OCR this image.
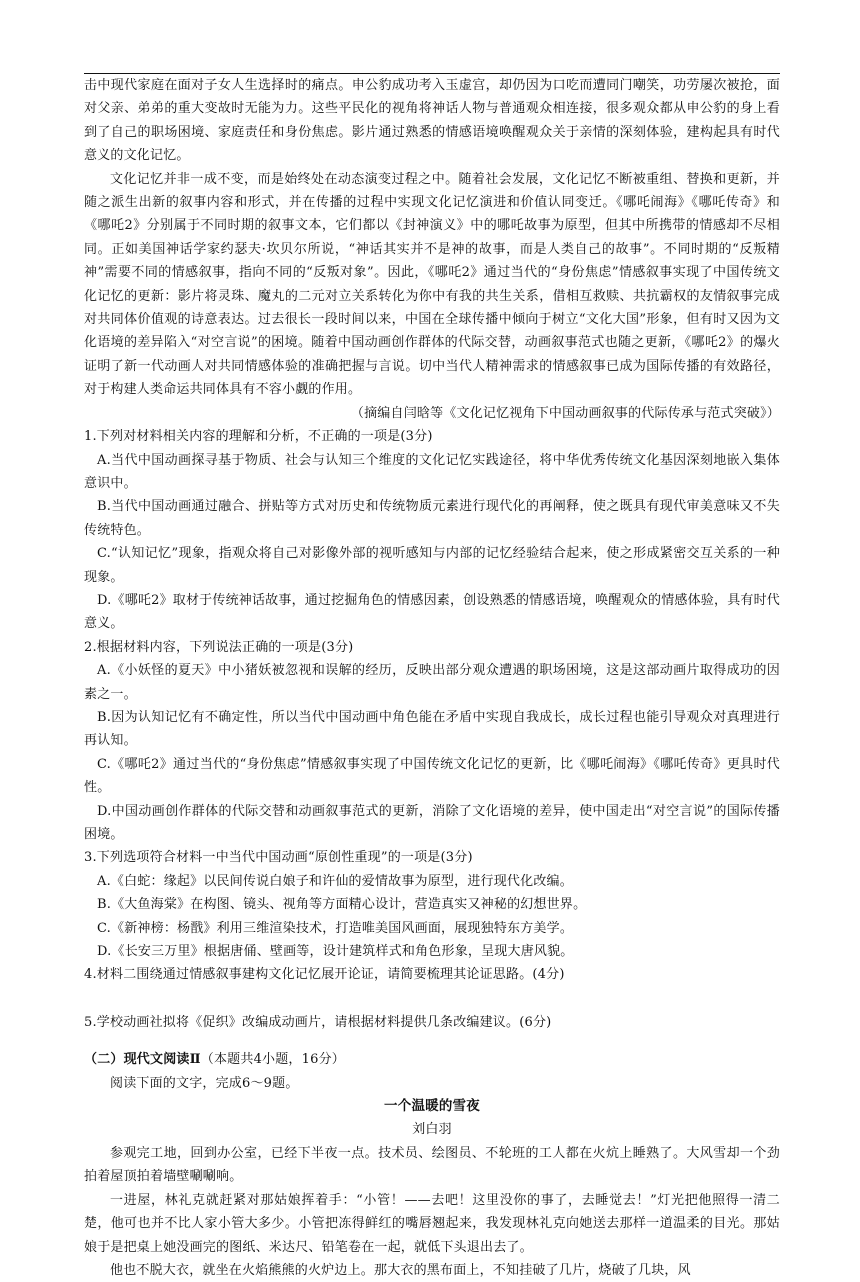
击中现代家庭在面对子女人生选择时的痛点。申公豹成功考入玉虚宫，却仍因为口吃而遭同门嘲笑，功劳屡次被抢，面对父亲、弟弟的重大变故时无能为力。这些平民化的视角将神话人物与普通观众相连接，很多观众都从申公豹的身上看到了自己的职场困境、家庭责任和身份焦虑。影片通过熟悉的情感语境唤醒观众关于亲情的深刻体验，建构起具有时代意义的文化记忆。

文化记忆并非一成不变，而是始终处在动态演变过程之中。随着社会发展，文化记忆不断被重组、替换和更新，并随之派生出新的叙事内容和形式，并在传播的过程中实现文化记忆演进和价值认同变迁。《哪吒闹海》《哪吒传奇》和《哪吒2》分别属于不同时期的叙事文本，它们都以《封神演义》中的哪吒故事为原型，但其中所携带的情感却不尽相同。正如美国神话学家约瑟夫·坎贝尔所说，“神话其实并不是神的故事，而是人类自己的故事”。不同时期的“反叛精神”需要不同的情感叙事，指向不同的“反叛对象”。因此，《哪吒2》通过当代的“身份焦虑”情感叙事实现了中国传统文化记忆的更新：影片将灵珠、魔丸的二元对立关系转化为你中有我的共生关系，借相互救赎、共抗霸权的友情叙事完成对共同体价值观的诗意表达。过去很长一段时间以来，中国在全球传播中倾向于树立“文化大国”形象，但有时又因为文化语境的差异陷入“对空言说”的困境。随着中国动画创作群体的代际交替，动画叙事范式也随之更新，《哪吒2》的爆火证明了新一代动画人对共同情感体验的准确把握与言说。切中当代人精神需求的情感叙事已成为国际传播的有效路径，对于构建人类命运共同体具有不容小觑的作用。

（摘编自闫晗等《文化记忆视角下中国动画叙事的代际传承与范式突破》）

1.下列对材料相关内容的理解和分析，不正确的一项是(3分)

A.当代中国动画探寻基于物质、社会与认知三个维度的文化记忆实践途径，将中华优秀传统文化基因深刻地嵌入集体意识中。

B.当代中国动画通过融合、拼贴等方式对历史和传统物质元素进行现代化的再阐释，使之既具有现代审美意味又不失传统特色。

C.“认知记忆”现象，指观众将自己对影像外部的视听感知与内部的记忆经验结合起来，使之形成紧密交互关系的一种现象。

D.《哪吒2》取材于传统神话故事，通过挖掘角色的情感因素，创设熟悉的情感语境，唤醒观众的情感体验，具有时代意义。

2.根据材料内容，下列说法正确的一项是(3分)

A.《小妖怪的夏天》中小猪妖被忽视和误解的经历，反映出部分观众遭遇的职场困境，这是这部动画片取得成功的因素之一。

B.因为认知记忆有不确定性，所以当代中国动画中角色能在矛盾中实现自我成长，成长过程也能引导观众对真理进行再认知。

C.《哪吒2》通过当代的“身份焦虑”情感叙事实现了中国传统文化记忆的更新，比《哪吒闹海》《哪吒传奇》更具时代性。

D.中国动画创作群体的代际交替和动画叙事范式的更新，消除了文化语境的差异，使中国走出“对空言说”的国际传播困境。

3.下列选项符合材料一中当代中国动画“原创性重现”的一项是(3分)

A.《白蛇：缘起》以民间传说白娘子和许仙的爱情故事为原型，进行现代化改编。

B.《大鱼海棠》在构图、镜头、视角等方面精心设计，营造真实又神秘的幻想世界。

C.《新神榜：杨戬》利用三维渲染技术，打造唯美国风画面，展现独特东方美学。

D.《长安三万里》根据唐俑、壁画等，设计建筑样式和角色形象，呈现大唐风貌。

4.材料二围绕通过情感叙事建构文化记忆展开论证，请简要梳理其论证思路。(4分)

5.学校动画社拟将《促织》改编成动画片，请根据材料提供几条改编建议。(6分)

（二）现代文阅读Ⅱ（本题共4小题，16分）

阅读下面的文字，完成6～9题。

一个温暖的雪夜

刘白羽

参观完工地，回到办公室，已经下半夜一点。技术员、绘图员、不轮班的工人都在火炕上睡熟了。大风雪却一个劲拍着屋顶拍着墙壁唰唰响。

一进屋，林礼克就赶紧对那姑娘挥着手：“小管！——去吧！这里没你的事了，去睡觉去！”灯光把他照得一清二楚，他可也并不比人家小管大多少。小管把冻得鲜红的嘴唇翘起来，我发现林礼克向她送去那样一道温柔的目光。那姑娘于是把桌上她没画完的图纸、米达尺、铅笔卷在一起，就低下头退出去了。

他也不脱大衣，就坐在火焰熊熊的火炉边上。那大衣的黑布面上，不知挂破了几片，烧破了几块，风
